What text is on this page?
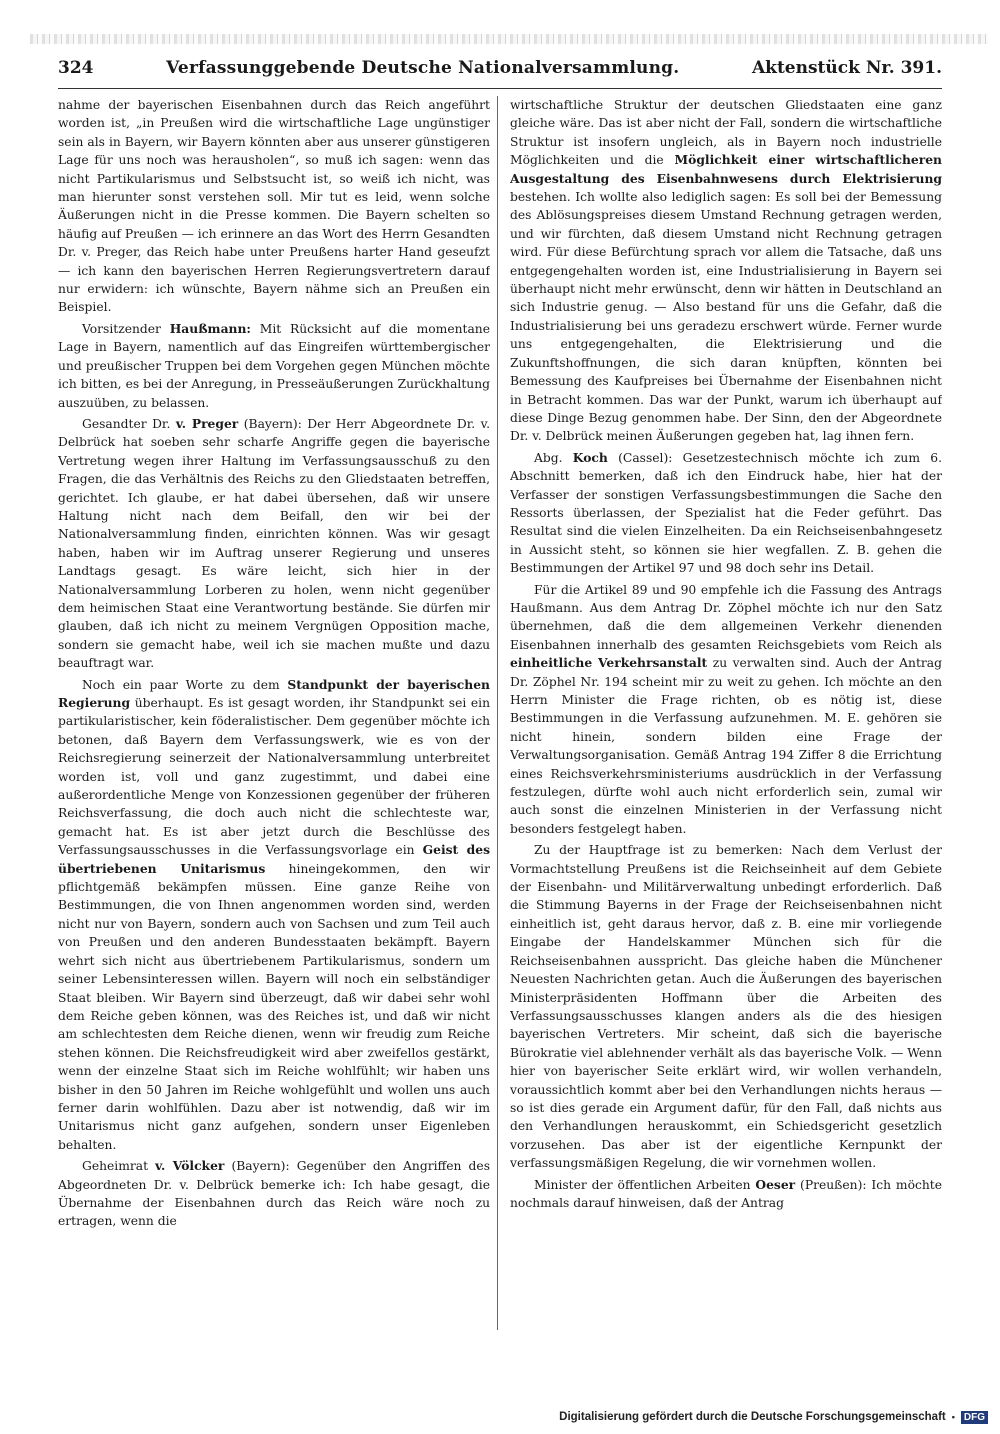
324	Verfassunggebende Deutsche Nationalversammlung.	Aktenstück Nr. 391.

nahme der bayerischen Eisenbahnen durch das Reich angeführt worden ist, „in Preußen wird die wirtschaftliche Lage ungünstiger sein als in Bayern, wir Bayern könnten aber aus unserer günstigeren Lage für uns noch was herausholen“, so muß ich sagen: wenn das nicht Partikularismus und Selbstsucht ist, so weiß ich nicht, was man hierunter sonst verstehen soll. Mir tut es leid, wenn solche Äußerungen nicht in die Presse kommen. Die Bayern schelten so häufig auf Preußen — ich erinnere an das Wort des Herrn Gesandten Dr. v. Preger, das Reich habe unter Preußens harter Hand geseufzt — ich kann den bayerischen Herren Regierungsvertretern darauf nur erwidern: ich wünschte, Bayern nähme sich an Preußen ein Beispiel.

Vorsitzender Haußmann: Mit Rücksicht auf die momentane Lage in Bayern, namentlich auf das Eingreifen württembergischer und preußischer Truppen bei dem Vorgehen gegen München möchte ich bitten, es bei der Anregung, in Presseäußerungen Zurückhaltung auszuüben, zu belassen.

Gesandter Dr. v. Preger (Bayern): Der Herr Abgeordnete Dr. v. Delbrück hat soeben sehr scharfe Angriffe gegen die bayerische Vertretung wegen ihrer Haltung im Verfassungsausschuß zu den Fragen, die das Verhältnis des Reichs zu den Gliedstaaten betreffen, gerichtet. Ich glaube, er hat dabei übersehen, daß wir unsere Haltung nicht nach dem Beifall, den wir bei der Nationalversammlung finden, einrichten können. Was wir gesagt haben, haben wir im Auftrag unserer Regierung und unseres Landtags gesagt. Es wäre leicht, sich hier in der Nationalversammlung Lorberen zu holen, wenn nicht gegenüber dem heimischen Staat eine Verantwortung bestände. Sie dürfen mir glauben, daß ich nicht zu meinem Vergnügen Opposition mache, sondern sie gemacht habe, weil ich sie machen mußte und dazu beauftragt war.

Noch ein paar Worte zu dem Standpunkt der bayerischen Regierung überhaupt. Es ist gesagt worden, ihr Standpunkt sei ein partikularistischer, kein föderalistischer. Dem gegenüber möchte ich betonen, daß Bayern dem Verfassungswerk, wie es von der Reichsregierung seinerzeit der Nationalversammlung unterbreitet worden ist, voll und ganz zugestimmt, und dabei eine außerordentliche Menge von Konzessionen gegenüber der früheren Reichsverfassung, die doch auch nicht die schlechteste war, gemacht hat. Es ist aber jetzt durch die Beschlüsse des Verfassungsausschusses in die Verfassungsvorlage ein Geist des übertriebenen Unitarismus hineingekommen, den wir pflichtgemäß bekämpfen müssen. Eine ganze Reihe von Bestimmungen, die von Ihnen angenommen worden sind, werden nicht nur von Bayern, sondern auch von Sachsen und zum Teil auch von Preußen und den anderen Bundesstaaten bekämpft. Bayern wehrt sich nicht aus übertriebenem Partikularismus, sondern um seiner Lebensinteressen willen. Bayern will noch ein selbständiger Staat bleiben. Wir Bayern sind überzeugt, daß wir dabei sehr wohl dem Reiche geben können, was des Reiches ist, und daß wir nicht am schlechtesten dem Reiche dienen, wenn wir freudig zum Reiche stehen können. Die Reichsfreudigkeit wird aber zweifellos gestärkt, wenn der einzelne Staat sich im Reiche wohlfühlt; wir haben uns bisher in den 50 Jahren im Reiche wohlgefühlt und wollen uns auch ferner darin wohlfühlen. Dazu aber ist notwendig, daß wir im Unitarismus nicht ganz aufgehen, sondern unser Eigenleben behalten.

Geheimrat v. Völcker (Bayern): Gegenüber den Angriffen des Abgeordneten Dr. v. Delbrück bemerke ich: Ich habe gesagt, die Übernahme der Eisenbahnen durch das Reich wäre noch zu ertragen, wenn die

wirtschaftliche Struktur der deutschen Gliedstaaten eine ganz gleiche wäre. Das ist aber nicht der Fall, sondern die wirtschaftliche Struktur ist insofern ungleich, als in Bayern noch industrielle Möglichkeiten und die Möglichkeit einer wirtschaftlicheren Ausgestaltung des Eisenbahnwesens durch Elektrisierung bestehen. Ich wollte also lediglich sagen: Es soll bei der Bemessung des Ablösungspreises diesem Umstand Rechnung getragen werden, und wir fürchten, daß diesem Umstand nicht Rechnung getragen wird. Für diese Befürchtung sprach vor allem die Tatsache, daß uns entgegengehalten worden ist, eine Industrialisierung in Bayern sei überhaupt nicht mehr erwünscht, denn wir hätten in Deutschland an sich Industrie genug. — Also bestand für uns die Gefahr, daß die Industrialisierung bei uns geradezu erschwert würde. Ferner wurde uns entgegengehalten, die Elektrisierung und die Zukunftshoffnungen, die sich daran knüpften, könnten bei Bemessung des Kaufpreises bei Übernahme der Eisenbahnen nicht in Betracht kommen. Das war der Punkt, warum ich überhaupt auf diese Dinge Bezug genommen habe. Der Sinn, den der Abgeordnete Dr. v. Delbrück meinen Äußerungen gegeben hat, lag ihnen fern.

Abg. Koch (Cassel): Gesetzestechnisch möchte ich zum 6. Abschnitt bemerken, daß ich den Eindruck habe, hier hat der Verfasser der sonstigen Verfassungsbestimmungen die Sache den Ressorts überlassen, der Spezialist hat die Feder geführt. Das Resultat sind die vielen Einzelheiten. Da ein Reichseisenbahngesetz in Aussicht steht, so können sie hier wegfallen. Z. B. gehen die Bestimmungen der Artikel 97 und 98 doch sehr ins Detail.

Für die Artikel 89 und 90 empfehle ich die Fassung des Antrags Haußmann. Aus dem Antrag Dr. Zöphel möchte ich nur den Satz übernehmen, daß die dem allgemeinen Verkehr dienenden Eisenbahnen innerhalb des gesamten Reichsgebiets vom Reich als einheitliche Verkehrsanstalt zu verwalten sind. Auch der Antrag Dr. Zöphel Nr. 194 scheint mir zu weit zu gehen. Ich möchte an den Herrn Minister die Frage richten, ob es nötig ist, diese Bestimmungen in die Verfassung aufzunehmen. M. E. gehören sie nicht hinein, sondern bilden eine Frage der Verwaltungsorganisation. Gemäß Antrag 194 Ziffer 8 die Errichtung eines Reichsverkehrsministeriums ausdrücklich in der Verfassung festzulegen, dürfte wohl auch nicht erforderlich sein, zumal wir auch sonst die einzelnen Ministerien in der Verfassung nicht besonders festgelegt haben.

Zu der Hauptfrage ist zu bemerken: Nach dem Verlust der Vormachtstellung Preußens ist die Reichseinheit auf dem Gebiete der Eisenbahn- und Militärverwaltung unbedingt erforderlich. Daß die Stimmung Bayerns in der Frage der Reichseisenbahnen nicht einheitlich ist, geht daraus hervor, daß z. B. eine mir vorliegende Eingabe der Handelskammer München sich für die Reichseisenbahnen ausspricht. Das gleiche haben die Münchener Neuesten Nachrichten getan. Auch die Äußerungen des bayerischen Ministerpräsidenten Hoffmann über die Arbeiten des Verfassungsausschusses klangen anders als die des hiesigen bayerischen Vertreters. Mir scheint, daß sich die bayerische Bürokratie viel ablehnender verhält als das bayerische Volk. — Wenn hier von bayerischer Seite erklärt wird, wir wollen verhandeln, voraussichtlich kommt aber bei den Verhandlungen nichts heraus — so ist dies gerade ein Argument dafür, für den Fall, daß nichts aus den Verhandlungen herauskommt, ein Schiedsgericht gesetzlich vorzusehen. Das aber ist der eigentliche Kernpunkt der verfassungsmäßigen Regelung, die wir vornehmen wollen.

Minister der öffentlichen Arbeiten Oeser (Preußen): Ich möchte nochmals darauf hinweisen, daß der Antrag

Digitalisierung gefördert durch die Deutsche Forschungsgemeinschaft • DFG
